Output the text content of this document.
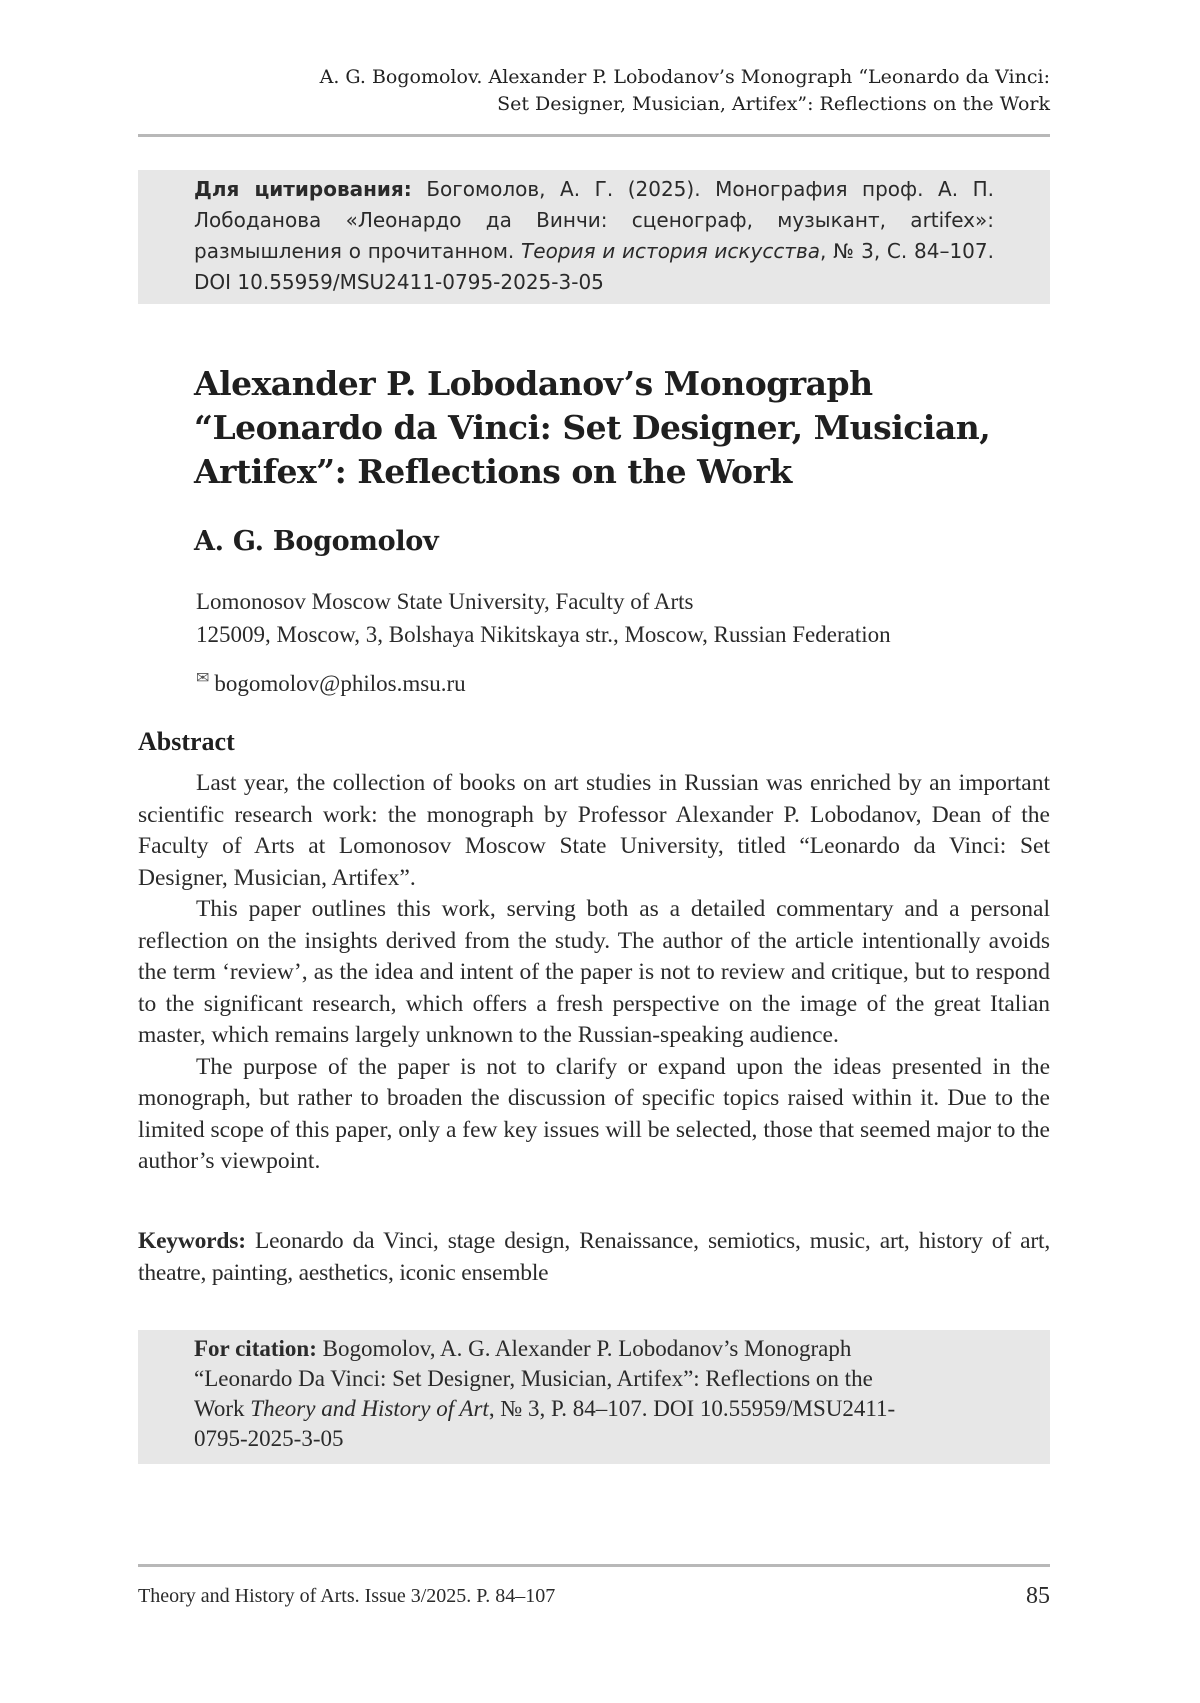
A. G. Bogomolov. Alexander P. Lobodanov’s Monograph “Leonardo da Vinci:
Set Designer, Musician, Artifex”: Reflections on the Work
Для цитирования: Богомолов, А. Г. (2025). Монография проф. А. П. Лободанова «Леонардо да Винчи: сценограф, музыкант, artifex»: размышления о прочитанном. Теория и история искусства, № 3, С. 84–107. DOI 10.55959/MSU2411-0795-2025-3-05
Alexander P. Lobodanov’s Monograph
“Leonardo da Vinci: Set Designer, Musician,
Artifex”: Reflections on the Work
A. G. Bogomolov
Lomonosov Moscow State University, Faculty of Arts
125009, Moscow, 3, Bolshaya Nikitskaya str., Moscow, Russian Federation
✉ bogomolov@philos.msu.ru
Abstract

Last year, the collection of books on art studies in Russian was enriched by an important scientific research work: the monograph by Professor Alexander P. Lobodanov, Dean of the Faculty of Arts at Lomonosov Moscow State University, titled “Leonardo da Vinci: Set Designer, Musician, Artifex”.

This paper outlines this work, serving both as a detailed commentary and a personal reflection on the insights derived from the study. The author of the article intentionally avoids the term ‘review’, as the idea and intent of the paper is not to review and critique, but to respond to the significant research, which offers a fresh perspective on the image of the great Italian master, which remains largely unknown to the Russian-speaking audience.

The purpose of the paper is not to clarify or expand upon the ideas presented in the monograph, but rather to broaden the discussion of specific topics raised within it. Due to the limited scope of this paper, only a few key issues will be selected, those that seemed major to the author’s viewpoint.

Keywords: Leonardo da Vinci, stage design, Renaissance, semiotics, music, art, history of art, theatre, painting, aesthetics, iconic ensemble
For citation: Bogomolov, A. G. Alexander P. Lobodanov’s Monograph
“Leonardo Da Vinci: Set Designer, Musician, Artifex”: Reflections on the
Work Theory and History of Art, № 3, P. 84–107. DOI 10.55959/MSU2411-
0795-2025-3-05
Theory and History of Arts. Issue 3/2025. P. 84–107	85
